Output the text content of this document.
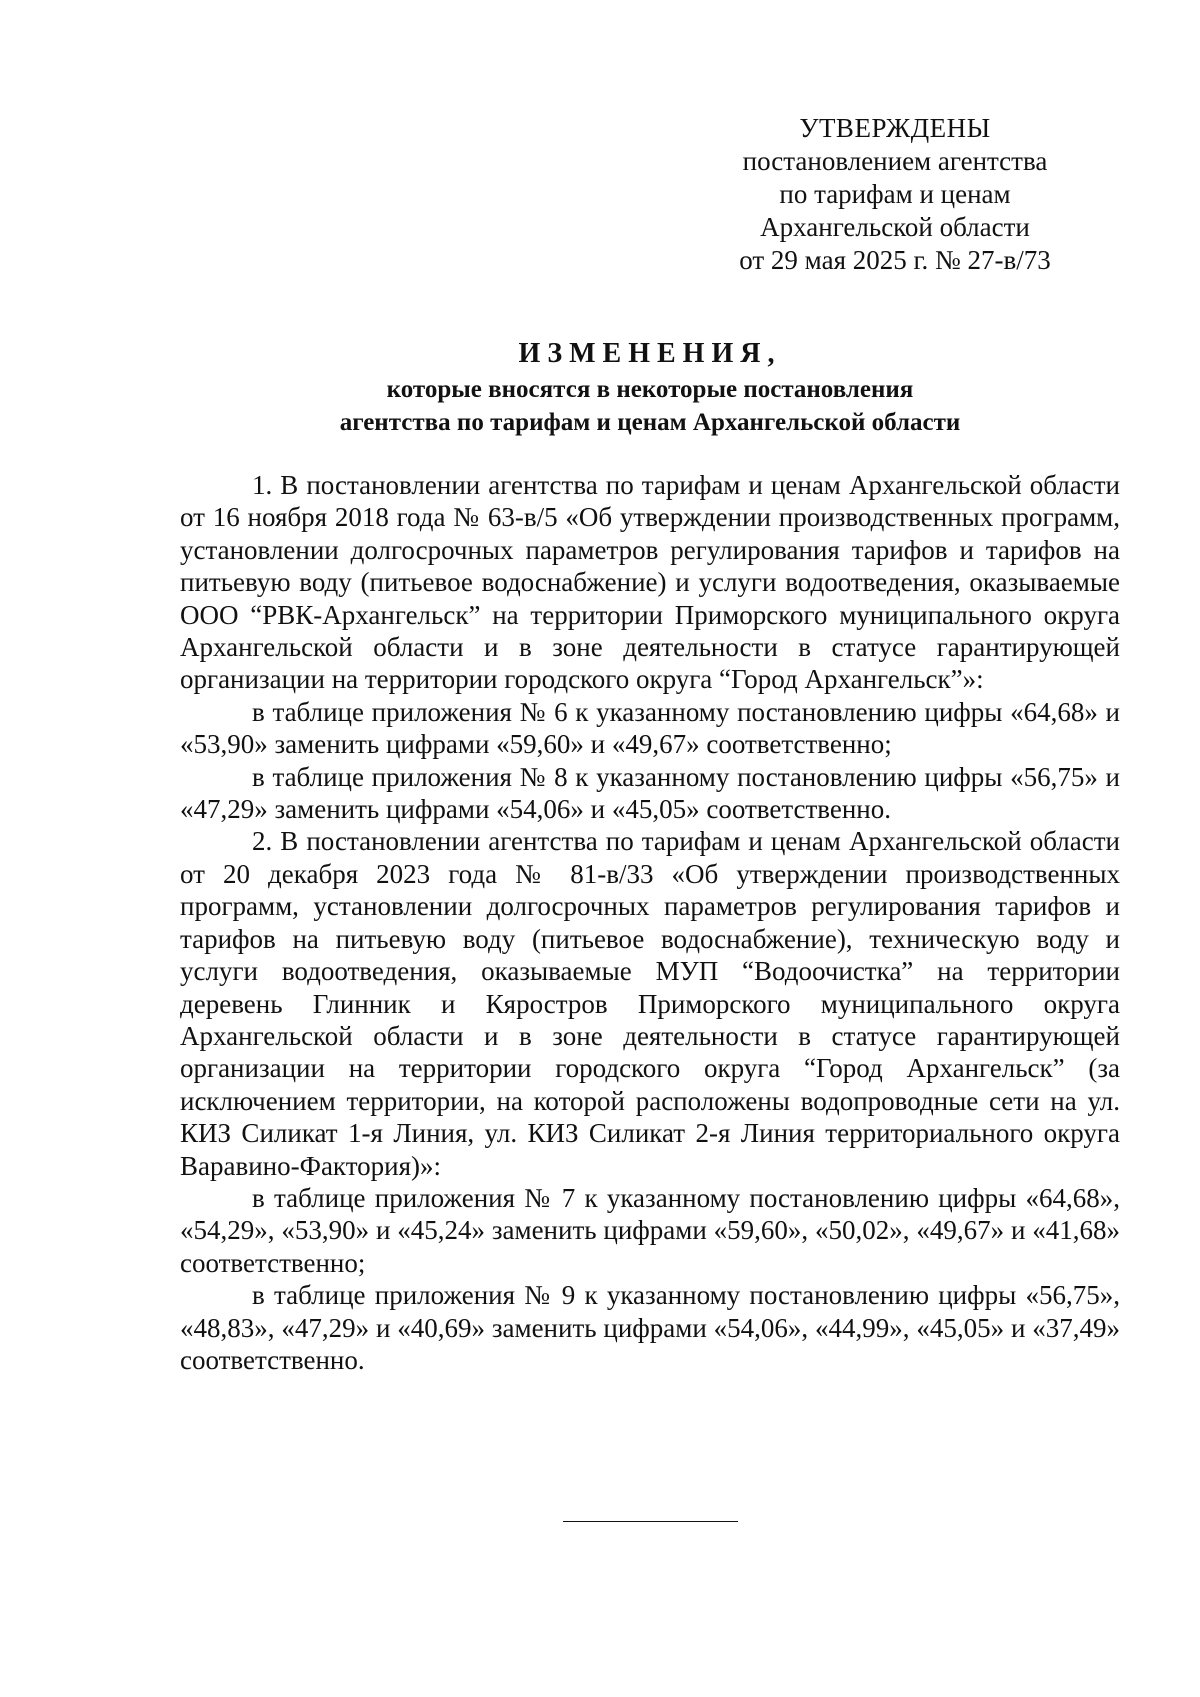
УТВЕРЖДЕНЫ
постановлением агентства
по тарифам и ценам
Архангельской области
от 29 мая 2025 г. № 27-в/73
ИЗМЕНЕНИЯ,
которые вносятся в некоторые постановления
агентства по тарифам и ценам Архангельской области

1. В постановлении агентства по тарифам и ценам Архангельской области от 16 ноября 2018 года № 63-в/5 «Об утверждении производственных программ, установлении долгосрочных параметров регулирования тарифов и тарифов на питьевую воду (питьевое водоснабжение) и услуги водоотведения, оказываемые ООО “РВК-Архангельск” на территории Приморского муниципального округа Архангельской области и в зоне деятельности в статусе гарантирующей организации на территории городского округа “Город Архангельск”»:

в таблице приложения № 6 к указанному постановлению цифры «64,68» и «53,90» заменить цифрами «59,60» и «49,67» соответственно;

в таблице приложения № 8 к указанному постановлению цифры «56,75» и «47,29» заменить цифрами «54,06» и «45,05» соответственно.

2. В постановлении агентства по тарифам и ценам Архангельской области от 20 декабря 2023 года № 81-в/33 «Об утверждении производственных программ, установлении долгосрочных параметров регулирования тарифов и тарифов на питьевую воду (питьевое водоснабжение), техническую воду и услуги водоотведения, оказываемые МУП “Водоочистка” на территории деревень Глинник и Кяростров Приморского муниципального округа Архангельской области и в зоне деятельности в статусе гарантирующей организации на территории городского округа “Город Архангельск” (за исключением территории, на которой расположены водопроводные сети на ул. КИЗ Силикат 1-я Линия, ул. КИЗ Силикат 2-я Линия территориального округа Варавино-Фактория)»:

в таблице приложения № 7 к указанному постановлению цифры «64,68», «54,29», «53,90» и «45,24» заменить цифрами «59,60», «50,02», «49,67» и «41,68» соответственно;

в таблице приложения № 9 к указанному постановлению цифры «56,75», «48,83», «47,29» и «40,69» заменить цифрами «54,06», «44,99», «45,05» и «37,49» соответственно.
